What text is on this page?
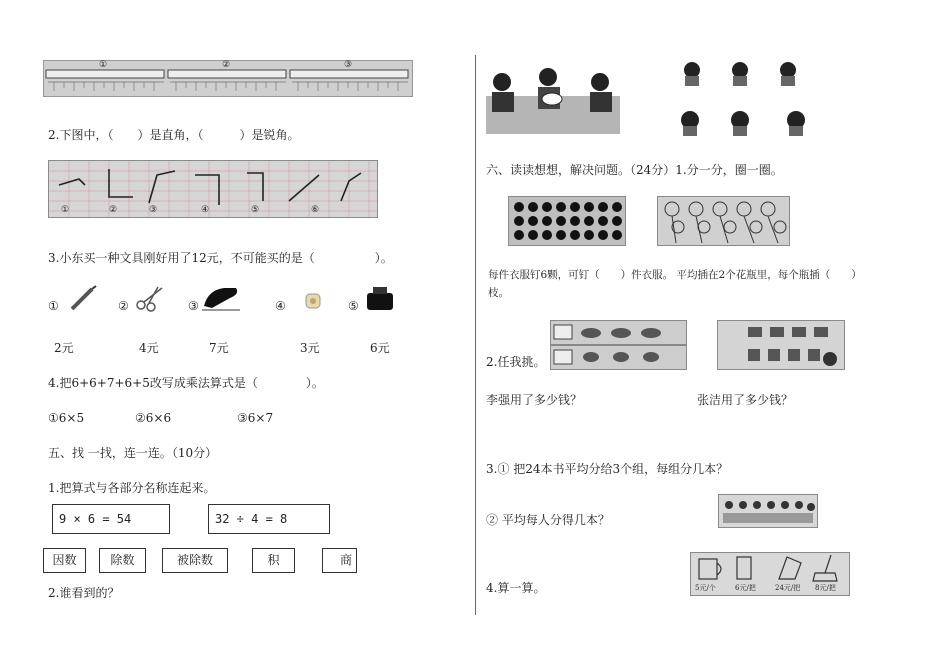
①	②	③
2.下图中，（　　）是直角，（　　　）是锐角。
①	②	③	④	⑤	⑥
3.小东买一种文具刚好用了12元，不可能买的是（　　　　　）。
①	②	③	④	⑤
2元	4元	7元	3元	6元
4.把6+6+7+6+5改写成乘法算式是（　　　　）。
①6×5	②6×6	③6×7
五、找 一找，连一连。（10分）
1.把算式与各部分名称连起来。
9 × 6 = 54	32 ÷ 4 = 8
因数	除数	被除数	积	商
2.谁看到的？
六、读读想想，解决问题。（24分）1.分一分，圈一圈。
每件衣服钉6颗，可钉（　　）件衣服。 平均插在2个花瓶里，每个瓶插（　　）
枝。
2.任我挑。
李强用了多少钱？	张洁用了多少钱？
3.① 把24本书平均分给3个组，每组分几本？
② 平均每人分得几本？
4.算一算。	5元/个	6元/把	24元/把 8元/把
